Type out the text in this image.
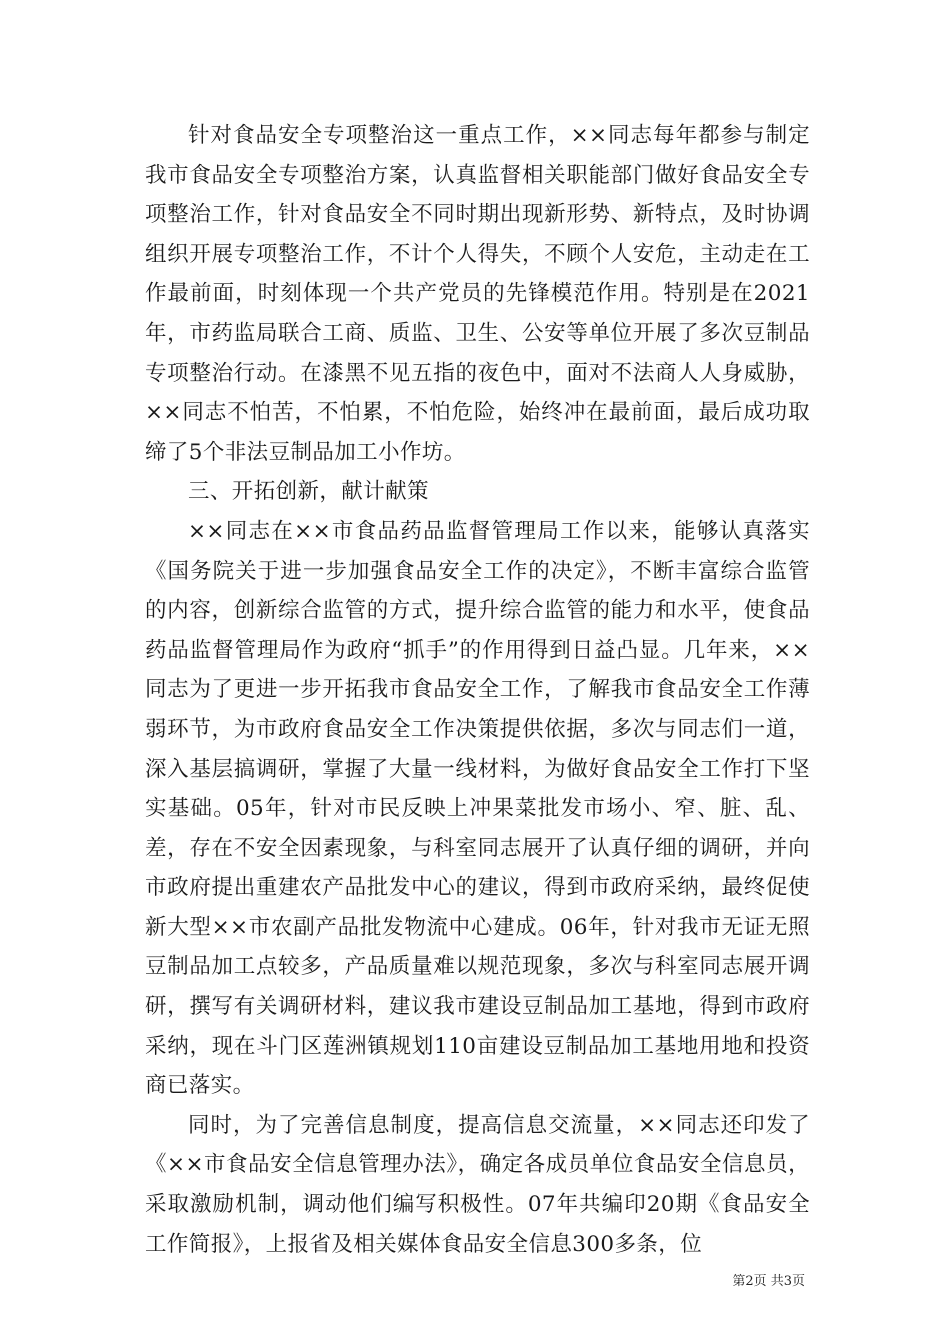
针对食品安全专项整治这一重点工作，××同志每年都参与制定我市食品安全专项整治方案，认真监督相关职能部门做好食品安全专项整治工作，针对食品安全不同时期出现新形势、新特点，及时协调组织开展专项整治工作，不计个人得失，不顾个人安危，主动走在工作最前面，时刻体现一个共产党员的先锋模范作用。特别是在2021年，市药监局联合工商、质监、卫生、公安等单位开展了多次豆制品专项整治行动。在漆黑不见五指的夜色中，面对不法商人人身威胁，××同志不怕苦，不怕累，不怕危险，始终冲在最前面，最后成功取缔了5个非法豆制品加工小作坊。

三、开拓创新，献计献策

××同志在××市食品药品监督管理局工作以来，能够认真落实《国务院关于进一步加强食品安全工作的决定》，不断丰富综合监管的内容，创新综合监管的方式，提升综合监管的能力和水平，使食品药品监督管理局作为政府“抓手”的作用得到日益凸显。几年来，××同志为了更进一步开拓我市食品安全工作，了解我市食品安全工作薄弱环节，为市政府食品安全工作决策提供依据，多次与同志们一道，深入基层搞调研，掌握了大量一线材料，为做好食品安全工作打下坚实基础。05年，针对市民反映上冲果菜批发市场小、窄、脏、乱、差，存在不安全因素现象，与科室同志展开了认真仔细的调研，并向市政府提出重建农产品批发中心的建议，得到市政府采纳，最终促使新大型××市农副产品批发物流中心建成。06年，针对我市无证无照豆制品加工点较多，产品质量难以规范现象，多次与科室同志展开调研，撰写有关调研材料，建议我市建设豆制品加工基地，得到市政府采纳，现在斗门区莲洲镇规划110亩建设豆制品加工基地用地和投资商已落实。

同时，为了完善信息制度，提高信息交流量，××同志还印发了《××市食品安全信息管理办法》，确定各成员单位食品安全信息员，采取激励机制，调动他们编写积极性。07年共编印20期《食品安全工作简报》，上报省及相关媒体食品安全信息300多条，位

第2页 共3页
